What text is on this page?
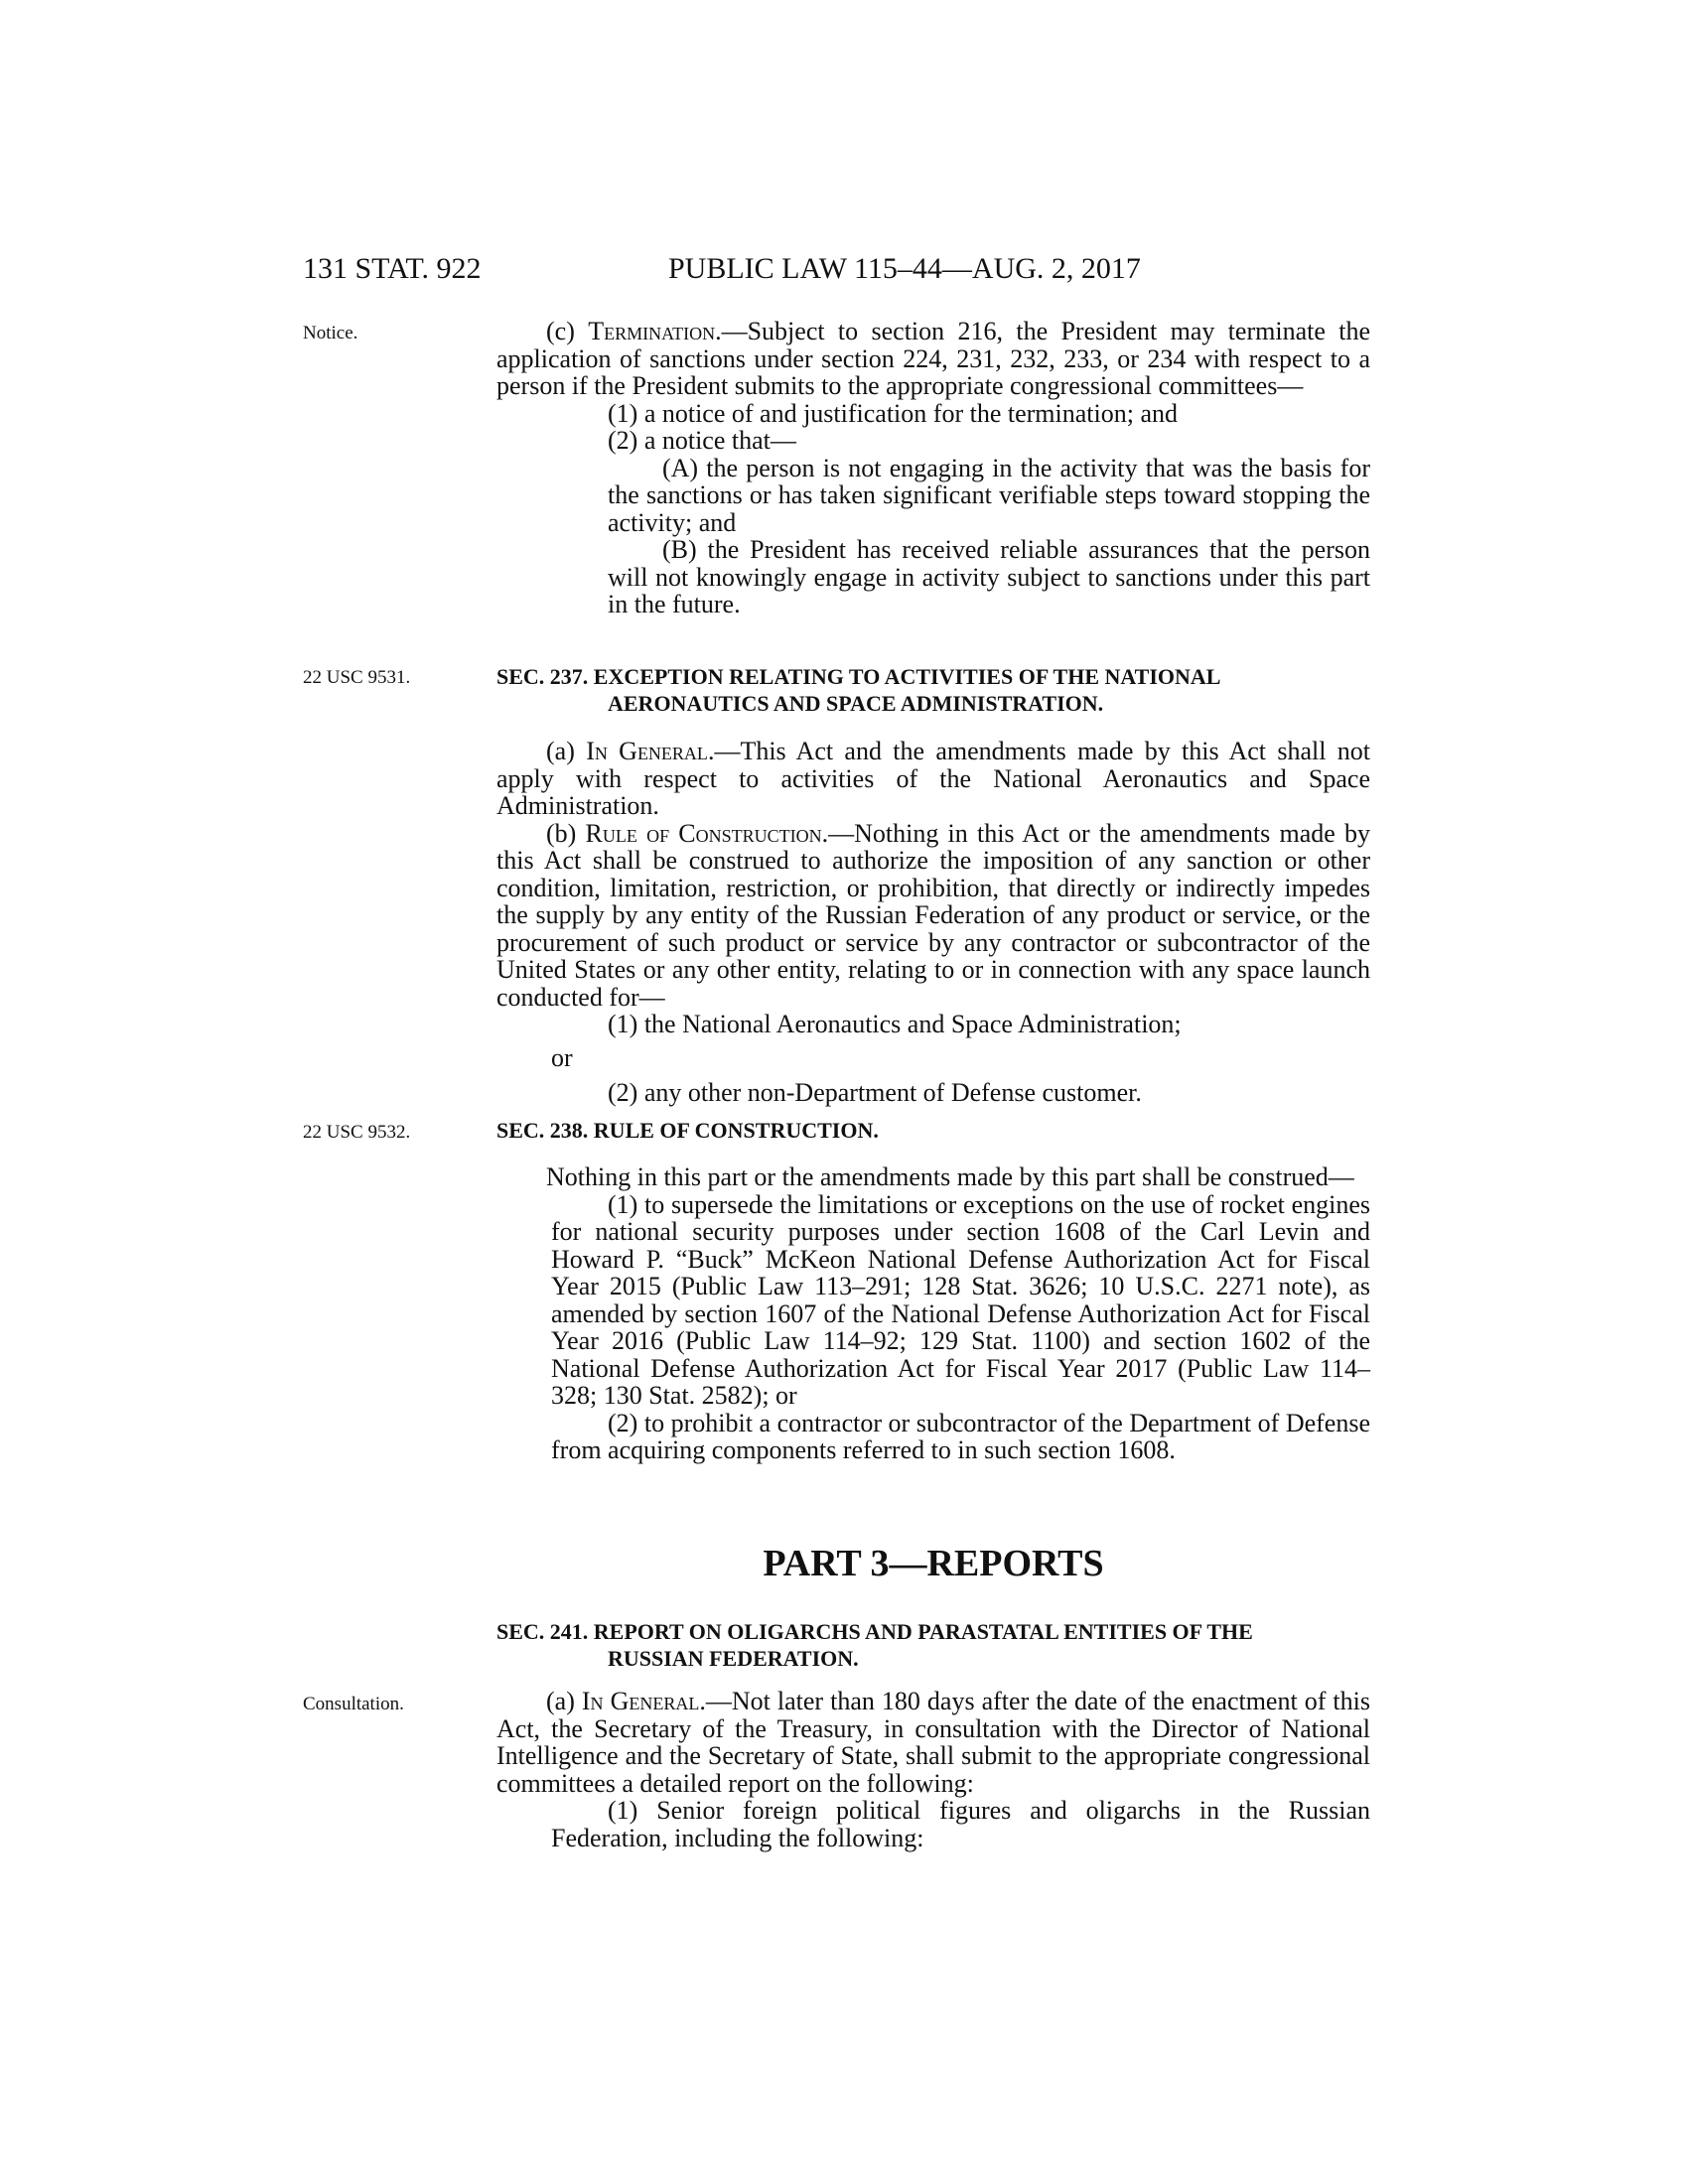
131 STAT. 922	PUBLIC LAW 115–44—AUG. 2, 2017
Notice.
22 USC 9531.
22 USC 9532.
Consultation.

(c) Termination.—Subject to section 216, the President may terminate the application of sanctions under section 224, 231, 232, 233, or 234 with respect to a person if the President submits to the appropriate congressional committees—

(1) a notice of and justification for the termination; and

(2) a notice that—

(A) the person is not engaging in the activity that was the basis for the sanctions or has taken significant verifiable steps toward stopping the activity; and

(B) the President has received reliable assurances that the person will not knowingly engage in activity subject to sanctions under this part in the future.

SEC. 237. EXCEPTION RELATING TO ACTIVITIES OF THE NATIONAL
AERONAUTICS AND SPACE ADMINISTRATION.

(a) In General.—This Act and the amendments made by this Act shall not apply with respect to activities of the National Aeronautics and Space Administration.

(b) Rule of Construction.—Nothing in this Act or the amendments made by this Act shall be construed to authorize the imposition of any sanction or other condition, limitation, restriction, or prohibition, that directly or indirectly impedes the supply by any entity of the Russian Federation of any product or service, or the procurement of such product or service by any contractor or subcontractor of the United States or any other entity, relating to or in connection with any space launch conducted for—

(1) the National Aeronautics and Space Administration;

or

(2) any other non-Department of Defense customer.

SEC. 238. RULE OF CONSTRUCTION.

Nothing in this part or the amendments made by this part shall be construed—

(1) to supersede the limitations or exceptions on the use of rocket engines for national security purposes under section 1608 of the Carl Levin and Howard P. “Buck” McKeon National Defense Authorization Act for Fiscal Year 2015 (Public Law 113–291; 128 Stat. 3626; 10 U.S.C. 2271 note), as amended by section 1607 of the National Defense Authorization Act for Fiscal Year 2016 (Public Law 114–92; 129 Stat. 1100) and section 1602 of the National Defense Authorization Act for Fiscal Year 2017 (Public Law 114–328; 130 Stat. 2582); or

(2) to prohibit a contractor or subcontractor of the Department of Defense from acquiring components referred to in such section 1608.

PART 3—REPORTS
SEC. 241. REPORT ON OLIGARCHS AND PARASTATAL ENTITIES OF THE
RUSSIAN FEDERATION.

(a) In General.—Not later than 180 days after the date of the enactment of this Act, the Secretary of the Treasury, in consultation with the Director of National Intelligence and the Secretary of State, shall submit to the appropriate congressional committees a detailed report on the following:

(1) Senior foreign political figures and oligarchs in the Russian Federation, including the following:
